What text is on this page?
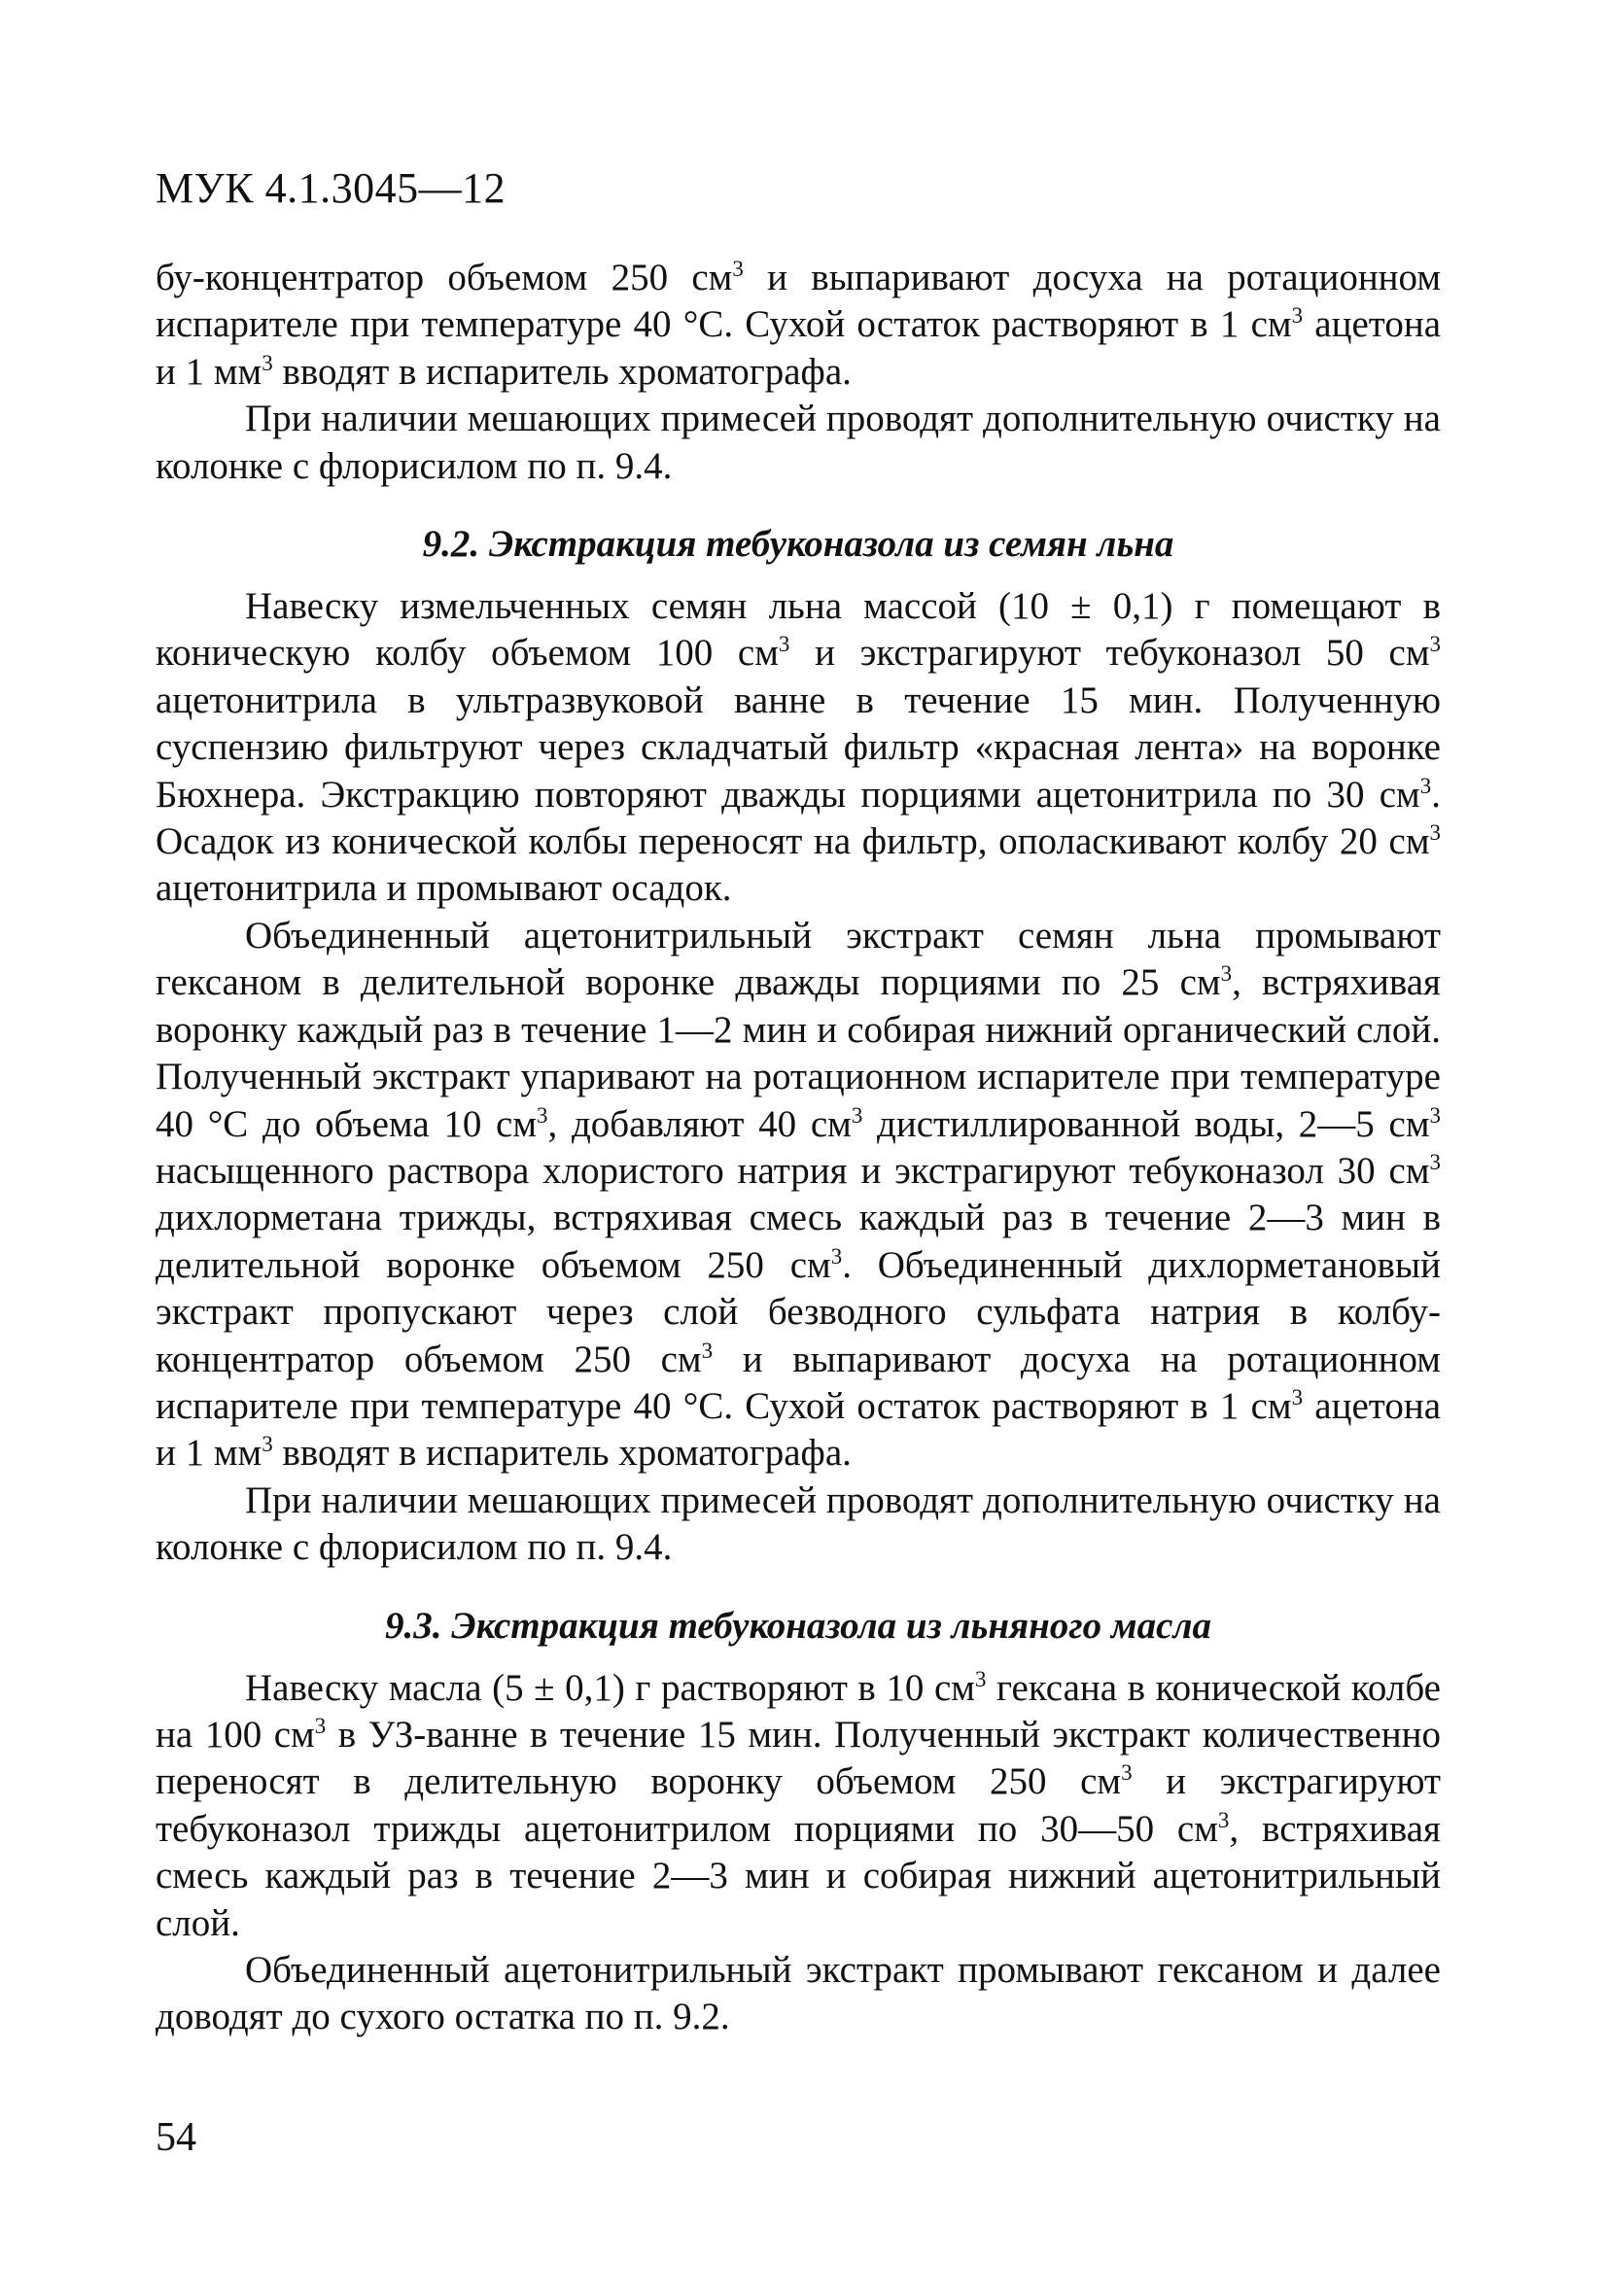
МУК 4.1.3045—12

бу-концентратор объемом 250 $см^3$ и выпаривают досуха на ротационном испарителе при температуре 40 °С. Сухой остаток растворяют в 1 $см^3$ ацетона и 1 $мм^3$ вводят в испаритель хроматографа.

При наличии мешающих примесей проводят дополнительную очистку на колонке с флорисилом по п. 9.4.

9.2. Экстракция тебуконазола из семян льна

Навеску измельченных семян льна массой (10 ± 0,1) г помещают в коническую колбу объемом 100 $см^3$ и экстрагируют тебуконазол 50 $см^3$ ацетонитрила в ультразвуковой ванне в течение 15 мин. Полученную суспензию фильтруют через складчатый фильтр «красная лента» на воронке Бюхнера. Экстракцию повторяют дважды порциями ацетонитрила по 30 $см^3$. Осадок из конической колбы переносят на фильтр, ополаскивают колбу 20 $см^3$ ацетонитрила и промывают осадок.

Объединенный ацетонитрильный экстракт семян льна промывают гексаном в делительной воронке дважды порциями по 25 $см^3$, встряхивая воронку каждый раз в течение 1—2 мин и собирая нижний органический слой. Полученный экстракт упаривают на ротационном испарителе при температуре 40 °С до объема 10 $см^3$, добавляют 40 $см^3$ дистиллированной воды, 2—5 $см^3$ насыщенного раствора хлористого натрия и экстрагируют тебуконазол 30 $см^3$ дихлорметана трижды, встряхивая смесь каждый раз в течение 2—3 мин в делительной воронке объемом 250 $см^3$. Объединенный дихлорметановый экстракт пропускают через слой безводного сульфата натрия в колбу-концентратор объемом 250 $см^3$ и выпаривают досуха на ротационном испарителе при температуре 40 °С. Сухой остаток растворяют в 1 $см^3$ ацетона и 1 $мм^3$ вводят в испаритель хроматографа.

При наличии мешающих примесей проводят дополнительную очистку на колонке с флорисилом по п. 9.4.

9.3. Экстракция тебуконазола из льняного масла

Навеску масла (5 ± 0,1) г растворяют в 10 $см^3$ гексана в конической колбе на 100 $см^3$ в УЗ-ванне в течение 15 мин. Полученный экстракт количественно переносят в делительную воронку объемом 250 $см^3$ и экстрагируют тебуконазол трижды ацетонитрилом порциями по 30—50 $см^3$, встряхивая смесь каждый раз в течение 2—3 мин и собирая нижний ацетонитрильный слой.

Объединенный ацетонитрильный экстракт промывают гексаном и далее доводят до сухого остатка по п. 9.2.

54
